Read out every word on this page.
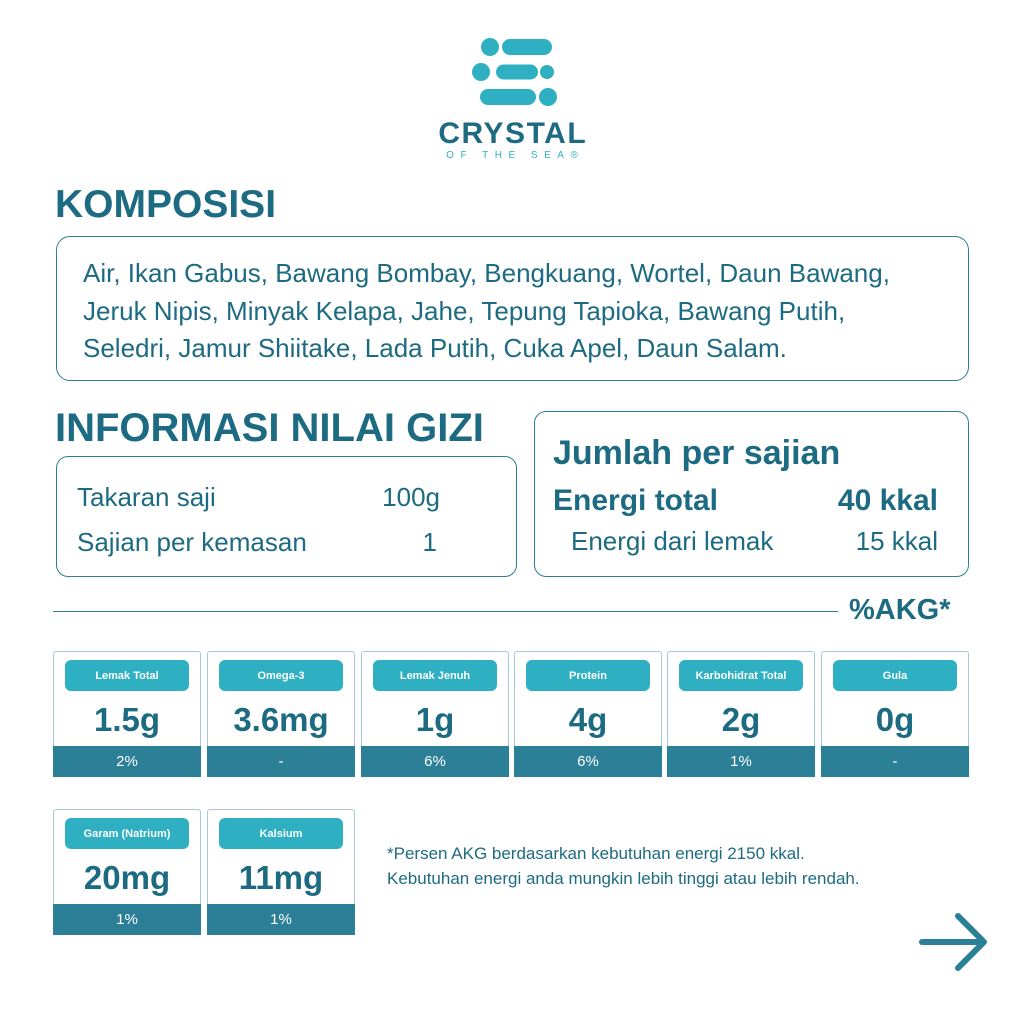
CRYSTAL
OF THE SEA®
KOMPOSISI
Air, Ikan Gabus, Bawang Bombay, Bengkuang, Wortel, Daun Bawang,
Jeruk Nipis, Minyak Kelapa, Jahe, Tepung Tapioka, Bawang Putih,
Seledri, Jamur Shiitake, Lada Putih, Cuka Apel, Daun Salam.
INFORMASI NILAI GIZI
Takaran saji	100g
Sajian per kemasan	1
Jumlah per sajian
Energi total	40 kkal
Energi dari lemak	15 kkal
%AKG*
Lemak Total
1.5g
2%
Omega-3
3.6mg
-
Lemak Jenuh
1g
6%
Protein
4g
6%
Karbohidrat Total
2g
1%
Gula
0g
-
Garam (Natrium)
20mg
1%
Kalsium
11mg
1%
*Persen AKG berdasarkan kebutuhan energi 2150 kkal.
Kebutuhan energi anda mungkin lebih tinggi atau lebih rendah.
